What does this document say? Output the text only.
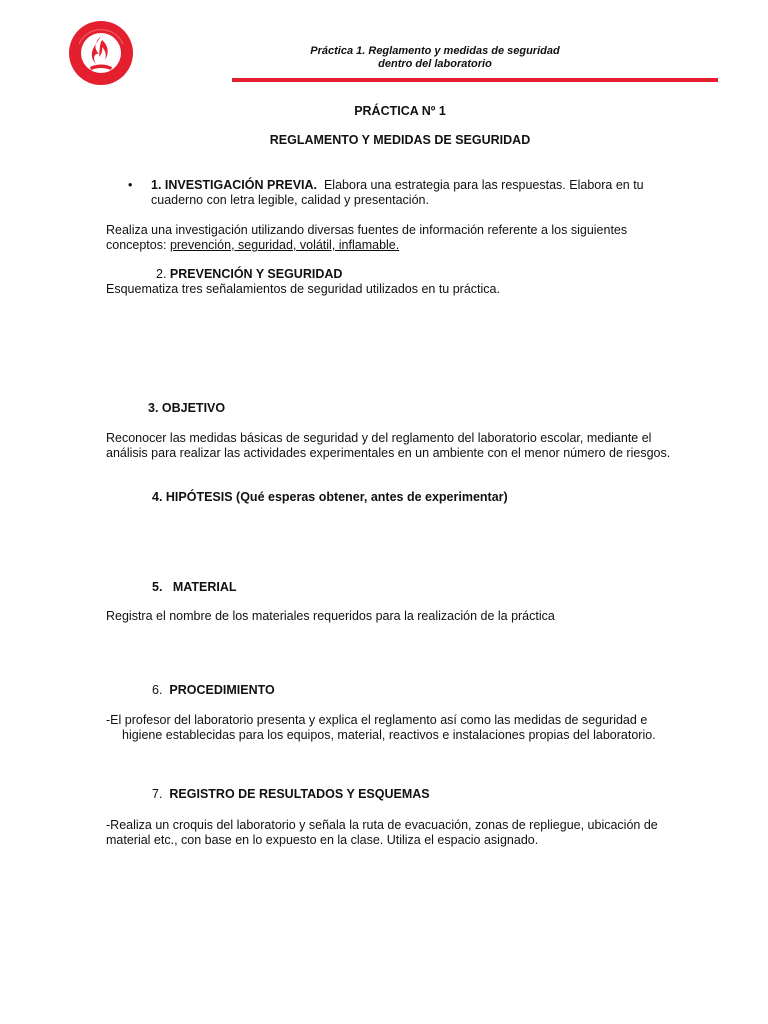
Práctica 1. Reglamento y medidas de seguridad
dentro del laboratorio
PRÁCTICA Nº 1
REGLAMENTO Y MEDIDAS DE SEGURIDAD
• 1. INVESTIGACIÓN PREVIA. Elabora una estrategia para las respuestas. Elabora en tu
cuaderno con letra legible, calidad y presentación.
Realiza una investigación utilizando diversas fuentes de información referente a los siguientes
conceptos: prevención, seguridad, volátil, inflamable.
2. PREVENCIÓN Y SEGURIDAD
Esquematiza tres señalamientos de seguridad utilizados en tu práctica.
3. OBJETIVO
Reconocer las medidas básicas de seguridad y del reglamento del laboratorio escolar, mediante el
análisis para realizar las actividades experimentales en un ambiente con el menor número de riesgos.
4. HIPÓTESIS (Qué esperas obtener, antes de experimentar)
5.   MATERIAL
Registra el nombre de los materiales requeridos para la realización de la práctica
6. PROCEDIMIENTO
-El profesor del laboratorio presenta y explica el reglamento así como las medidas de seguridad e
higiene establecidas para los equipos, material, reactivos e instalaciones propias del laboratorio.
7. REGISTRO DE RESULTADOS Y ESQUEMAS
-Realiza un croquis del laboratorio y señala la ruta de evacuación, zonas de repliegue, ubicación de
material etc., con base en lo expuesto en la clase. Utiliza el espacio asignado.
